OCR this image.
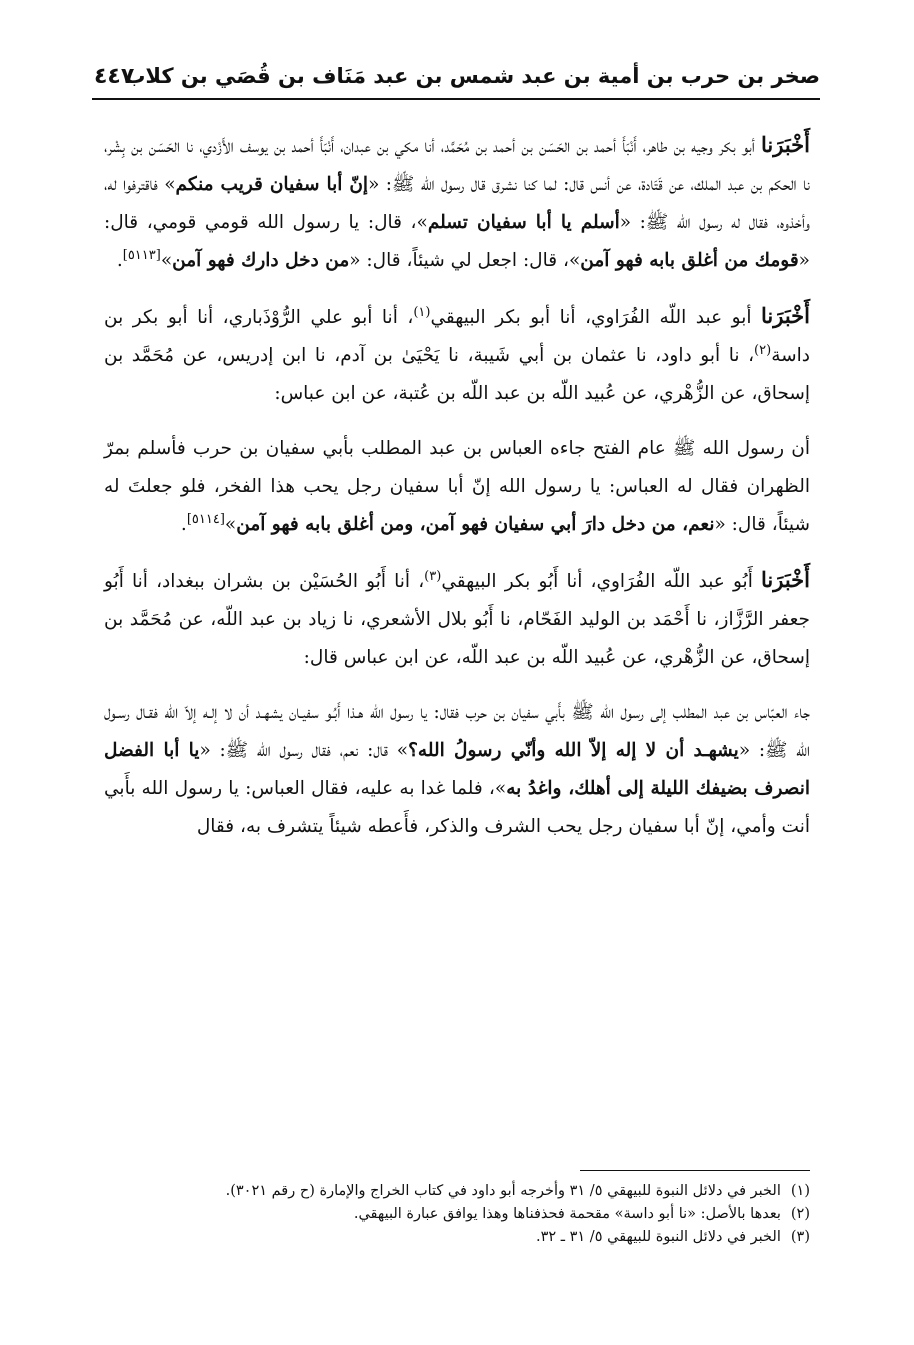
صخر بن حرب بن أمية بن عبد شمس بن عبد مَنَاف بن قُصَي بن كلاب
٤٤٧

أَخْبَرَنا أبو بكر وجيه بن طاهر، أَنْبَأَ أحمد بن الحَسَن بن أحمد بن مُحَمَّد، أنا مكي بن عبدان، أَنْبَأَ أحمد بن يوسف الأَزْدي، نا الحَسَن بن بِشْر، نا الحكم بن عبد الملك، عن قَتَادة، عن أنس قال: لما كنا نشرق قال رسول الله ﷺ: «إنّ أبا سفيان قريب منكم» فاقترفوا له، وأخذوه، فقال له رسول الله ﷺ: «أسلم يا أبا سفيان تسلم»، قال: يا رسول الله قومي قومي، قال: «قومك من أغلق بابه فهو آمن»، قال: اجعل لي شيئاً، قال: «من دخل دارك فهو آمن»[٥١١٣].

أَخْبَرَنا أبو عبد اللّه الفُرَاوي، أنا أبو بكر البيهقي$^{(١)}$، أنا أبو علي الرُّوْذَباري، أنا أبو بكر بن داسة$^{(٢)}$، نا أبو داود، نا عثمان بن أبي شَيبة، نا يَحْيَىٰ بن آدم، نا ابن إدريس، عن مُحَمَّد بن إسحاق، عن الزُّهْري، عن عُبيد اللّه بن عبد اللّه بن عُتبة، عن ابن عباس:

أن رسول الله ﷺ عام الفتح جاءه العباس بن عبد المطلب بأبي سفيان بن حرب فأسلم بمرّ الظهران فقال له العباس: يا رسول الله إنّ أبا سفيان رجل يحب هذا الفخر، فلو جعلتَ له شيئاً، قال: «نعم، من دخل دارَ أبي سفيان فهو آمن، ومن أغلق بابه فهو آمن»[٥١١٤].

أَخْبَرَنا أَبُو عبد اللّه الفُرَاوي، أنا أَبُو بكر البيهقي$^{(٣)}$، أنا أَبُو الحُسَيْن بن بشران ببغداد، أنا أَبُو جعفر الرَّزَّاز، نا أَحْمَد بن الوليد الفَحّام، نا أَبُو بلال الأشعري، نا زياد بن عبد اللّه، عن مُحَمَّد بن إسحاق، عن الزُّهْري، عن عُبيد اللّه بن عبد اللّه، عن ابن عباس قال:

جاء العبّاس بن عبد المطلب إلى رسول الله ﷺ بأَبي سفيان بن حرب فقال: يا رسول الله هـذا أَبُـو سفيـان يشهـد أن لا إلـه إلاّ الله فقـال رسـول الله ﷺ: «يشهـد أن لا إله إلاّ الله وأنّي رسولُ الله؟» قال: نعم، فقال رسول الله ﷺ: «يا أبا الفضل انصرف بضيفك الليلة إلى أهلك، واغدُ به»، فلما غدا به عليه، فقال العباس: يا رسول الله بأَبي أنت وأمي، إنّ أبا سفيان رجل يحب الشرف والذكر، فأَعطه شيئاً يتشرف به، فقال

(١)الخبر في دلائل النبوة للبيهقي ٥/ ٣١ وأخرجه أبو داود في كتاب الخراج والإمارة (ح رقم ٣٠٢١).

(٢)بعدها بالأصل: «نا أبو داسة» مقحمة فحذفناها وهذا يوافق عبارة البيهقي.

(٣)الخبر في دلائل النبوة للبيهقي ٥/ ٣١ ـ ٣٢.
